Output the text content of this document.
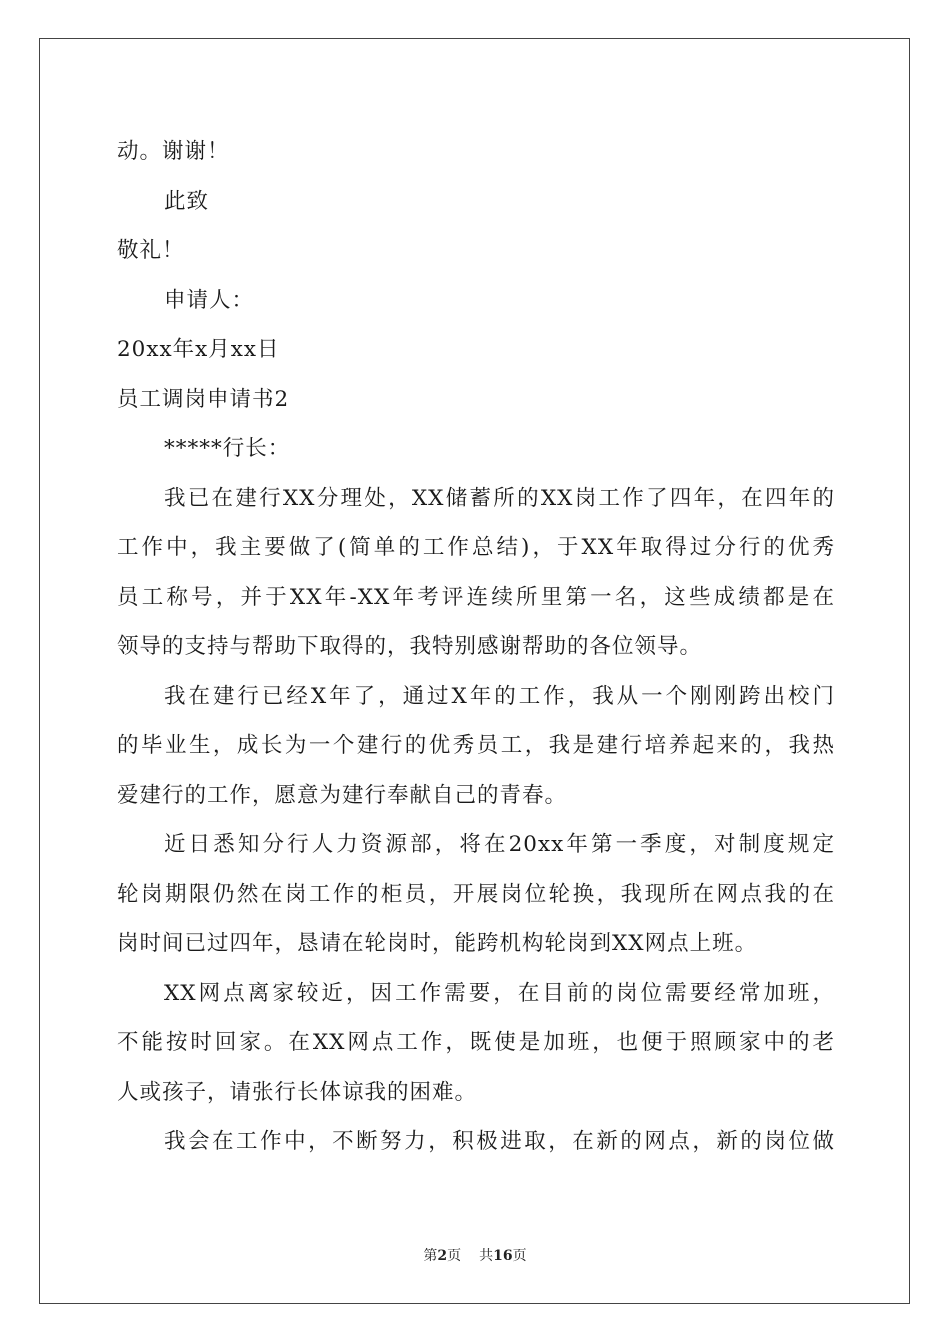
动。谢谢！
此致
敬礼！
申请人：
20xx年x月xx日
员工调岗申请书2
*****行长：
我已在建行XX分理处，XX储蓄所的XX岗工作了四年，在四年的
工作中，我主要做了(简单的工作总结)，于XX年取得过分行的优秀
员工称号，并于XX年-XX年考评连续所里第一名，这些成绩都是在
领导的支持与帮助下取得的，我特别感谢帮助的各位领导。
我在建行已经X年了，通过X年的工作，我从一个刚刚跨出校门
的毕业生，成长为一个建行的优秀员工，我是建行培养起来的，我热
爱建行的工作，愿意为建行奉献自己的青春。
近日悉知分行人力资源部，将在20xx年第一季度，对制度规定
轮岗期限仍然在岗工作的柜员，开展岗位轮换，我现所在网点我的在
岗时间已过四年，恳请在轮岗时，能跨机构轮岗到XX网点上班。
XX网点离家较近，因工作需要，在目前的岗位需要经常加班，
不能按时回家。在XX网点工作，既使是加班，也便于照顾家中的老
人或孩子，请张行长体谅我的困难。
我会在工作中，不断努力，积极进取，在新的网点，新的岗位做
第2页 共16页
